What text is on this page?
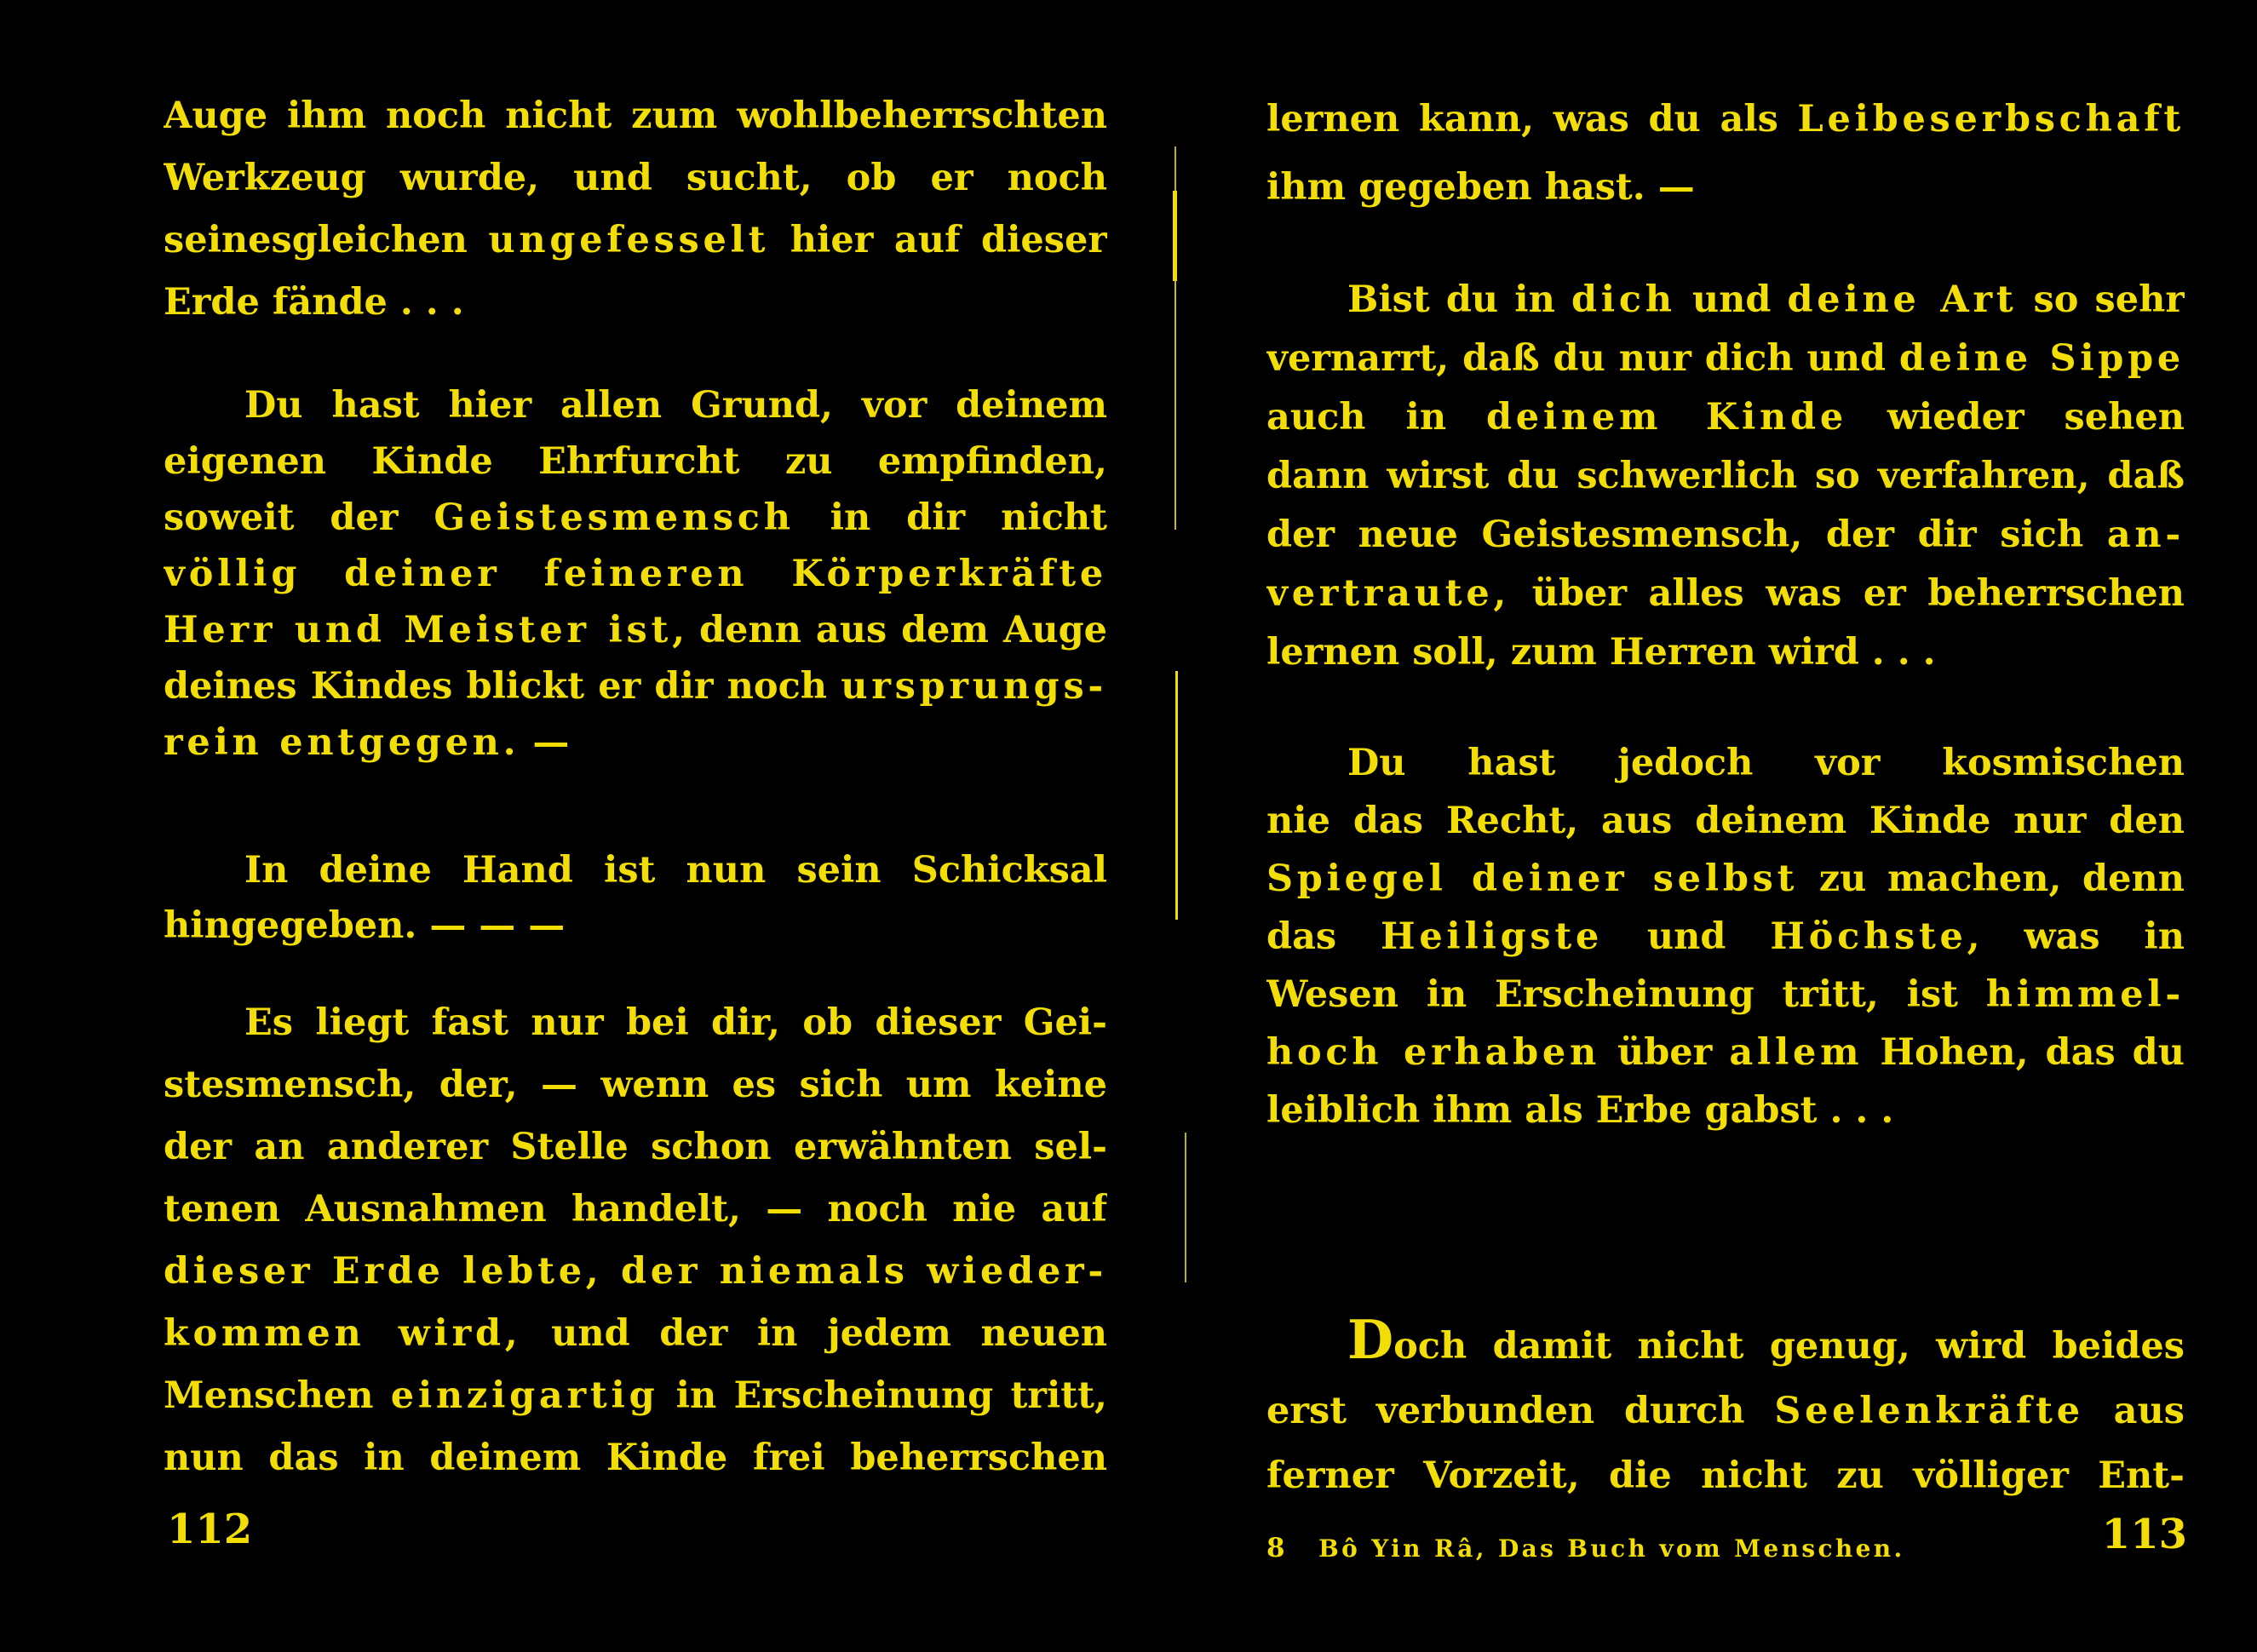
Auge ihm noch nicht zum wohlbeherrschten
Werkzeug wurde, und sucht, ob er noch
seinesgleichen ungefesselt hier auf dieser
Erde fände . . .
Du hast hier allen Grund, vor deinem
eigenen Kinde Ehrfurcht zu empfinden,
soweit der Geistesmensch in dir nicht
völlig deiner feineren Körperkräfte
Herr und Meister ist, denn aus dem Auge
deines Kindes blickt er dir noch ursprungs-
rein entgegen. —
In deine Hand ist nun sein Schicksal
hingegeben. — — —
Es liegt fast nur bei dir, ob dieser Gei-
stesmensch, der, — wenn es sich um keine
der an anderer Stelle schon erwähnten sel-
tenen Ausnahmen handelt, — noch nie auf
dieser Erde lebte, der niemals wieder-
kommen wird, und der in jedem neuen
Menschen einzigartig in Erscheinung tritt,
nun das in deinem Kinde frei beherrschen
112
lernen kann, was du als Leibeserbschaft
ihm gegeben hast. —
Bist du in dich und deine Art so sehr
vernarrt, daß du nur dich und deine Sippe
auch in deinem Kinde wieder sehen
dann wirst du schwerlich so verfahren, daß
der neue Geistesmensch, der dir sich an-
vertraute, über alles was er beherrschen
lernen soll, zum Herren wird . . .
Du hast jedoch vor kosmischen
nie das Recht, aus deinem Kinde nur den
Spiegel deiner selbst zu machen, denn
das Heiligste und Höchste, was in
Wesen in Erscheinung tritt, ist himmel-
hoch erhaben über allem Hohen, das du
leiblich ihm als Erbe gabst . . .
Doch damit nicht genug, wird beides
erst verbunden durch Seelenkräfte aus
ferner Vorzeit, die nicht zu völliger Ent-
8 Bô Yin Râ, Das Buch vom Menschen.	113
